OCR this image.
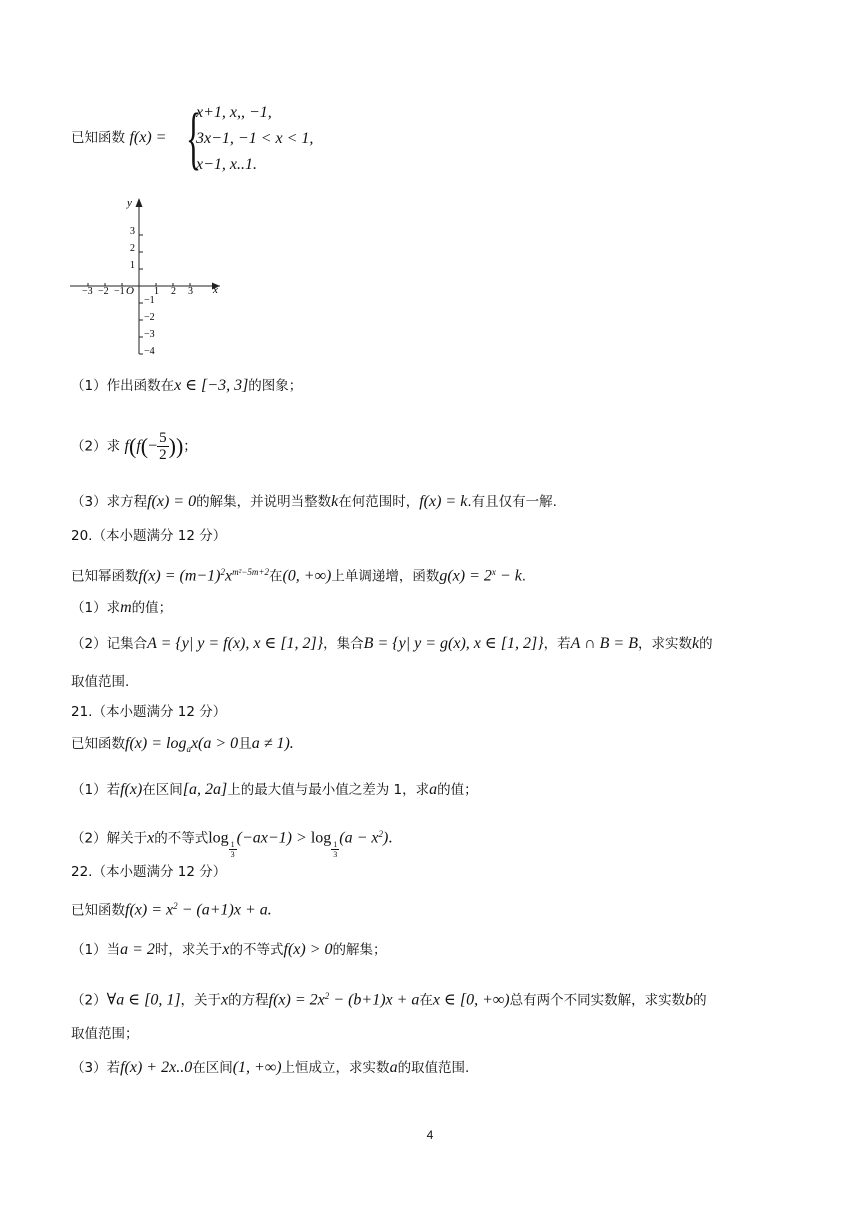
已知函数 f(x) = {
x+1, x,, −1,
3x−1, −1 < x < 1,
x−1, x..1.
y
x
O
−3 −2 −1	1 2 3
3
2
1
−1
−2
−3
−4
（1）作出函数在x ∈ [−3, 3]的图象；
（2）求 $f(f(- \frac{5}{2}$ ))；
（3）求方程f(x) = 0的解集，并说明当整数k在何范围时，f(x) = k.有且仅有一解.
20.（本小题满分 12 分）
已知幂函数$f(x) = (m-1)^2x^{m^2-5m+2}$在(0, +∞)上单调递增，函数$g(x) = 2^x - k$.
（1）求m的值；
（2）记集合A = {y| y = f(x), x ∈ [1, 2]}，集合B = {y| y = g(x), x ∈ [1, 2]}，若A ∩ B = B，求实数k的
取值范围.
21.（本小题满分 12 分）
已知函数$f(x) = \log_ax(a > 0$且a ≠ 1).
（1）若f(x)在区间[a, 2a]上的最大值与最小值之差为 1，求a的值；
（2）解关于x的不等式log
$\frac{1}{3}$
(−ax−1) > log
$\frac{1}{3}$
$(a - x^2)$.
22.（本小题满分 12 分）
已知函数$f(x) = x^2 - (a+1)x + a$.
（1）当a = 2时，求关于x的不等式f(x) > 0的解集；
（2）∀a ∈ [0, 1]，关于x的方程$f(x) = 2x^2 - (b+1)x + a$在x ∈ [0, +∞)总有两个不同实数解，求实数b的
取值范围；
（3）若f(x) + 2x..0在区间(1, +∞)上恒成立，求实数a的取值范围.
4
